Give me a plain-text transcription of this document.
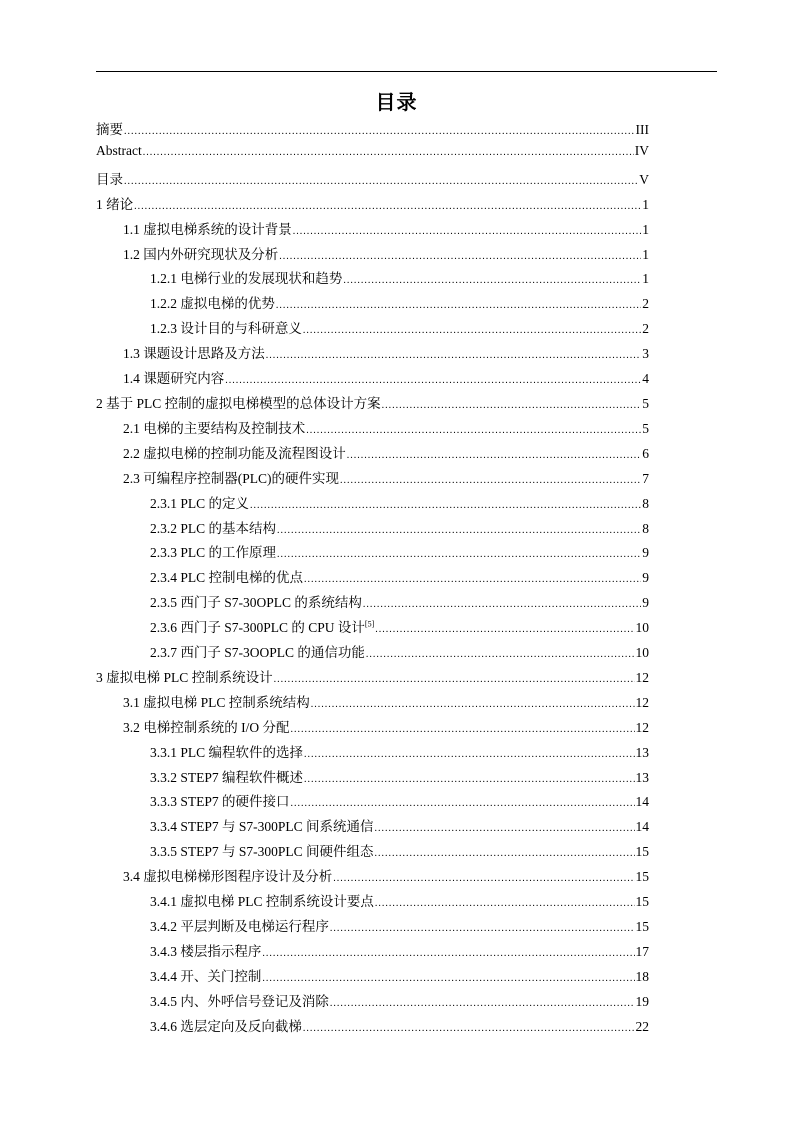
目录
摘要 .....	III
Abstract .....	IV
目录 .....	V
1 绪论 .....	1
1.1 虚拟电梯系统的设计背景 .....	1
1.2 国内外研究现状及分析 .....	1
1.2.1 电梯行业的发展现状和趋势 .....	1
1.2.2 虚拟电梯的优势 .....	2
1.2.3 设计目的与科研意义 .....	2
1.3 课题设计思路及方法 .....	3
1.4 课题研究内容 .....	4
2 基于 PLC 控制的虚拟电梯模型的总体设计方案 .....	5
2.1 电梯的主要结构及控制技术 .....	5
2.2 虚拟电梯的控制功能及流程图设计 .....	6
2.3 可编程序控制器(PLC)的硬件实现 .....	7
2.3.1 PLC 的定义 .....	8
2.3.2 PLC 的基本结构 .....	8
2.3.3 PLC 的工作原理 .....	9
2.3.4 PLC 控制电梯的优点 .....	9
2.3.5 西门子 S7-30OPLC 的系统结构 .....	9
2.3.6 西门子 S7-300PLC 的 CPU 设计[5] .....	10
2.3.7 西门子 S7-3OOPLC 的通信功能 .....	10
3 虚拟电梯 PLC 控制系统设计 .....	12
3.1 虚拟电梯 PLC 控制系统结构 .....	12
3.2 电梯控制系统的 I/O 分配 .....	12
3.3.1 PLC 编程软件的选择 .....	13
3.3.2 STEP7 编程软件概述 .....	13
3.3.3 STEP7 的硬件接口 .....	14
3.3.4 STEP7 与 S7-300PLC 间系统通信 .....	14
3.3.5 STEP7 与 S7-300PLC 间硬件组态 .....	15
3.4 虚拟电梯梯形图程序设计及分析 .....	15
3.4.1 虚拟电梯 PLC 控制系统设计要点 .....	15
3.4.2 平层判断及电梯运行程序 .....	15
3.4.3 楼层指示程序 .....	17
3.4.4 开、关门控制 .....	18
3.4.5 内、外呼信号登记及消除 .....	19
3.4.6 选层定向及反向截梯 .....	22
